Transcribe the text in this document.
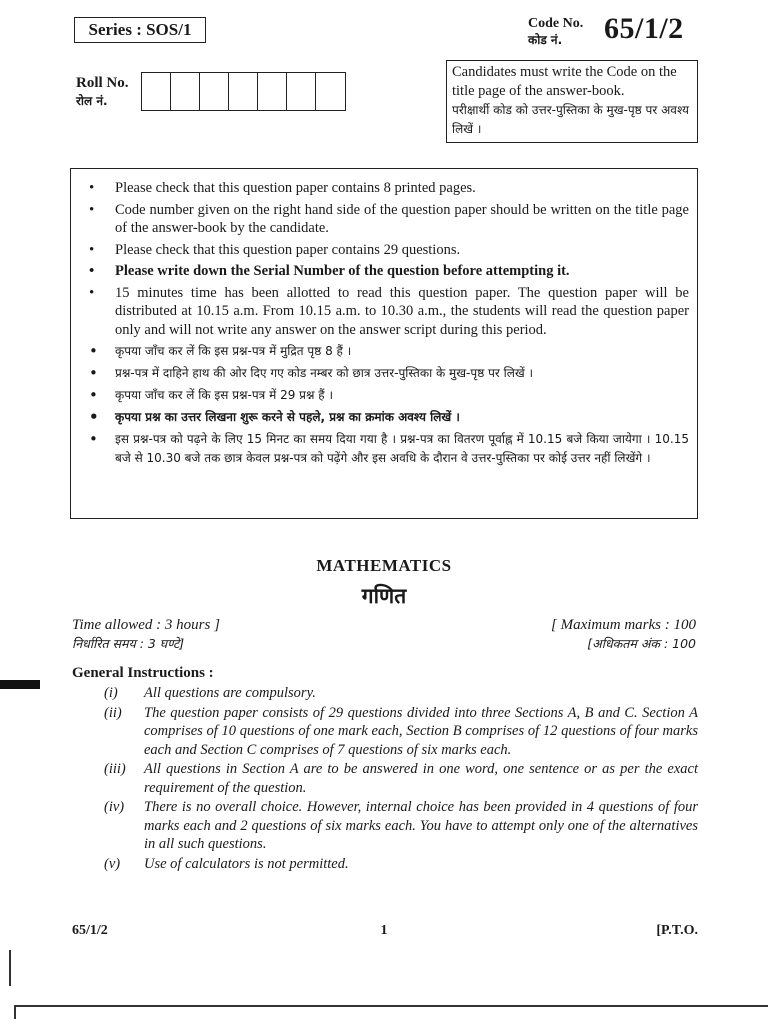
Series : SOS/1	Code No.
कोड नं.	65/1/2
Roll No.
रोल नं.
Candidates must write the Code on the title page of the answer-book.
परीक्षार्थी कोड को उत्तर-पुस्तिका के मुख-पृष्ठ पर अवश्य लिखें ।
• Please check that this question paper contains 8 printed pages.
• Code number given on the right hand side of the question paper should be written on the title page of the answer-book by the candidate.
• Please check that this question paper contains 29 questions.
• Please write down the Serial Number of the question before attempting it.
• 15 minutes time has been allotted to read this question paper. The question paper will be distributed at 10.15 a.m. From 10.15 a.m. to 10.30 a.m., the students will read the question paper only and will not write any answer on the answer script during this period.
• कृपया जाँच कर लें कि इस प्रश्न-पत्र में मुद्रित पृष्ठ 8 हैं ।
• प्रश्न-पत्र में दाहिने हाथ की ओर दिए गए कोड नम्बर को छात्र उत्तर-पुस्तिका के मुख-पृष्ठ पर लिखें ।
• कृपया जाँच कर लें कि इस प्रश्न-पत्र में 29 प्रश्न हैं ।
• कृपया प्रश्न का उत्तर लिखना शुरू करने से पहले, प्रश्न का क्रमांक अवश्य लिखें ।
• इस प्रश्न-पत्र को पढ़ने के लिए 15 मिनट का समय दिया गया है । प्रश्न-पत्र का वितरण पूर्वाह्न में 10.15 बजे किया जायेगा । 10.15 बजे से 10.30 बजे तक छात्र केवल प्रश्न-पत्र को पढ़ेंगे और इस अवधि के दौरान वे उत्तर-पुस्तिका पर कोई उत्तर नहीं लिखेंगे ।
MATHEMATICS
गणित
Time allowed : 3 hours ]
निर्धारित समय : 3 घण्टे]
[ Maximum marks : 100
[अधिकतम अंक : 100
General Instructions :
(i)	All questions are compulsory.
(ii)	The question paper consists of 29 questions divided into three Sections A, B and C. Section A comprises of 10 questions of one mark each, Section B comprises of 12 questions of four marks each and Section C comprises of 7 questions of six marks each.
(iii)	All questions in Section A are to be answered in one word, one sentence or as per the exact requirement of the question.
(iv)	There is no overall choice. However, internal choice has been provided in 4 questions of four marks each and 2 questions of six marks each. You have to attempt only one of the alternatives in all such questions.
(v)	Use of calculators is not permitted.
65/1/2	1	[P.T.O.
